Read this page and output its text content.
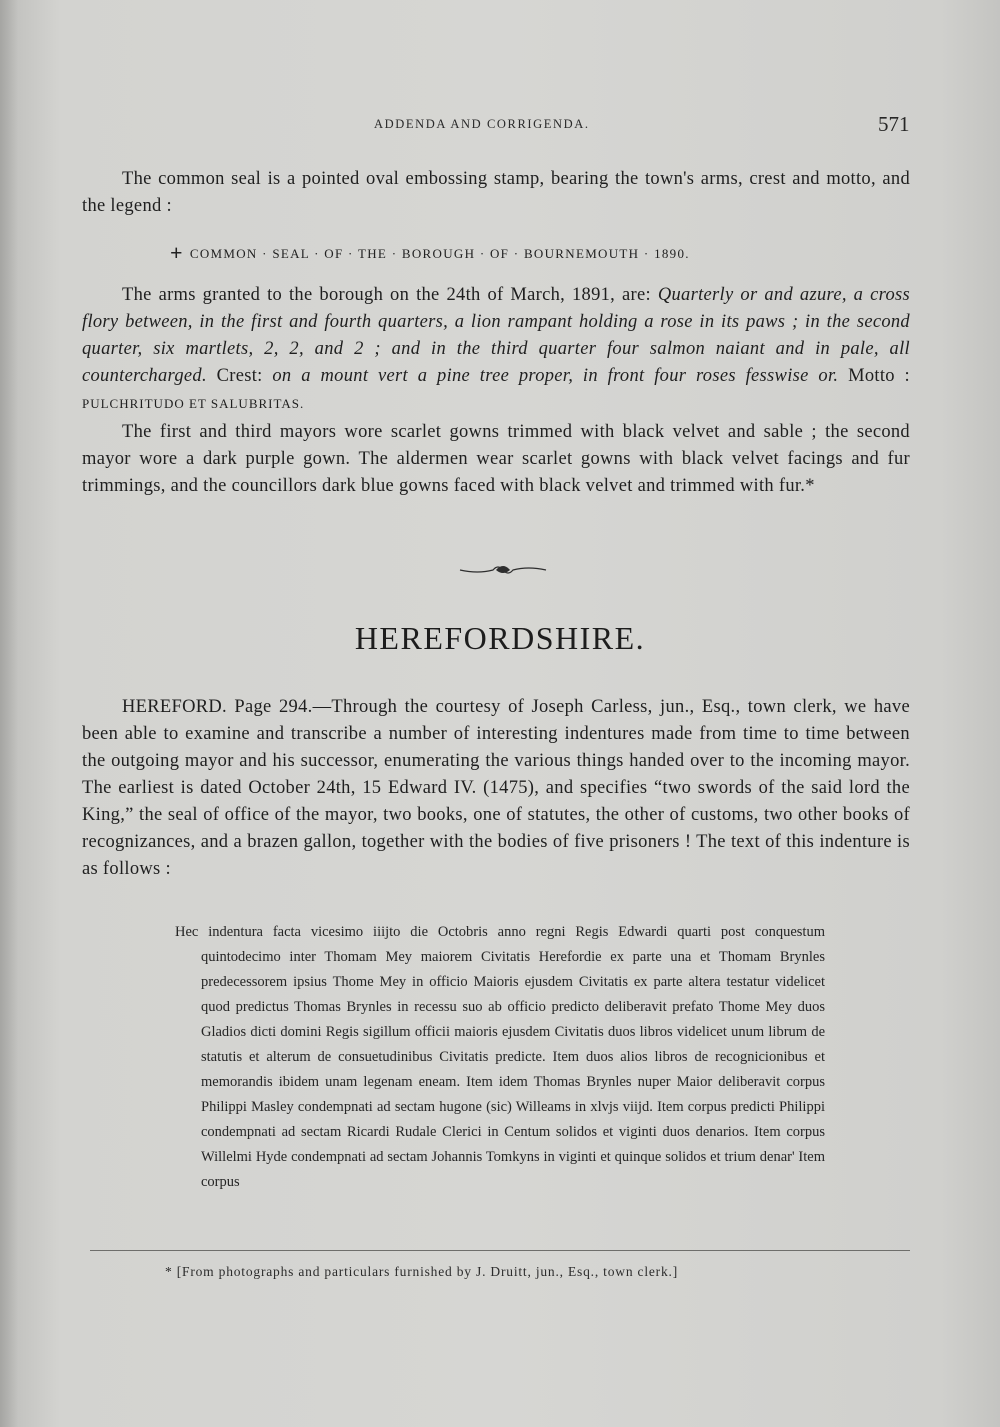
ADDENDA AND CORRIGENDA.	571

The common seal is a pointed oval embossing stamp, bearing the town's arms, crest and motto, and the legend :

+ COMMON · SEAL · OF · THE · BOROUGH · OF · BOURNEMOUTH · 1890.

The arms granted to the borough on the 24th of March, 1891, are: Quarterly or and azure, a cross flory between, in the first and fourth quarters, a lion rampant holding a rose in its paws ; in the second quarter, six martlets, 2, 2, and 2 ; and in the third quarter four salmon naiant and in pale, all countercharged. Crest: on a mount vert a pine tree proper, in front four roses fesswise or. Motto : PULCHRITUDO ET SALUBRITAS.

The first and third mayors wore scarlet gowns trimmed with black velvet and sable ; the second mayor wore a dark purple gown. The aldermen wear scarlet gowns with black velvet facings and fur trimmings, and the councillors dark blue gowns faced with black velvet and trimmed with fur.*

HEREFORDSHIRE.

HEREFORD. Page 294.—Through the courtesy of Joseph Carless, jun., Esq., town clerk, we have been able to examine and transcribe a number of interesting indentures made from time to time between the outgoing mayor and his successor, enumerating the various things handed over to the incoming mayor. The earliest is dated October 24th, 15 Edward IV. (1475), and specifies “two swords of the said lord the King,” the seal of office of the mayor, two books, one of statutes, the other of customs, two other books of recognizances, and a brazen gallon, together with the bodies of five prisoners ! The text of this indenture is as follows :

Hec indentura facta vicesimo iiijto die Octobris anno regni Regis Edwardi quarti post conquestum quintodecimo inter Thomam Mey maiorem Civitatis Herefordie ex parte una et Thomam Brynles predecessorem ipsius Thome Mey in officio Maioris ejusdem Civitatis ex parte altera testatur videlicet quod predictus Thomas Brynles in recessu suo ab officio predicto deliberavit prefato Thome Mey duos Gladios dicti domini Regis sigillum officii maioris ejusdem Civitatis duos libros videlicet unum librum de statutis et alterum de consuetudinibus Civitatis predicte. Item duos alios libros de recognicionibus et memorandis ibidem unam legenam eneam. Item idem Thomas Brynles nuper Maior deliberavit corpus Philippi Masley condempnati ad sectam hugone (sic) Willeams in xlvjs viijd. Item corpus predicti Philippi condempnati ad sectam Ricardi Rudale Clerici in Centum solidos et viginti duos denarios. Item corpus Willelmi Hyde condempnati ad sectam Johannis Tomkyns in viginti et quinque solidos et trium denar' Item corpus

* [From photographs and particulars furnished by J. Druitt, jun., Esq., town clerk.]
